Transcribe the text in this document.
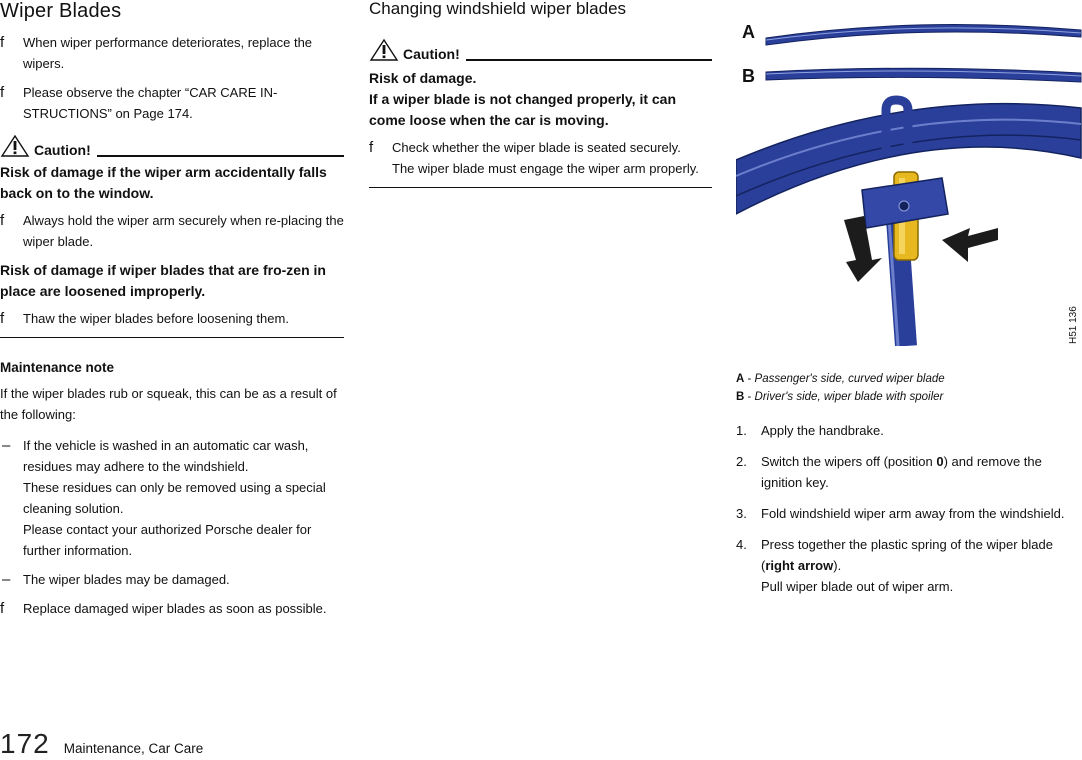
Wiper Blades
f When wiper performance deteriorates, replace the wipers.
f Please observe the chapter “CAR CARE IN-STRUCTIONS” on Page 174.
Caution!
Risk of damage if the wiper arm accidentally falls back on to the window.
f Always hold the wiper arm securely when re-placing the wiper blade.
Risk of damage if wiper blades that are fro-zen in place are loosened improperly.
f Thaw the wiper blades before loosening them.
Maintenance note
If the wiper blades rub or squeak, this can be as a result of the following:
– If the vehicle is washed in an automatic car wash, residues may adhere to the windshield.
These residues can only be removed using a special cleaning solution.
Please contact your authorized Porsche dealer for further information.
– The wiper blades may be damaged.
f Replace damaged wiper blades as soon as possible.
Changing windshield wiper blades
Caution!
Risk of damage.
If a wiper blade is not changed properly, it can come loose when the car is moving.
f Check whether the wiper blade is seated securely.
The wiper blade must engage the wiper arm properly.
A
B
H51 136
A - Passenger's side, curved wiper blade
B - Driver's side, wiper blade with spoiler
1. Apply the handbrake.
2. Switch the wipers off (position 0) and remove the ignition key.
3. Fold windshield wiper arm away from the windshield.
4. Press together the plastic spring of the wiper blade (right arrow).
Pull wiper blade out of wiper arm.
172 Maintenance, Car Care
